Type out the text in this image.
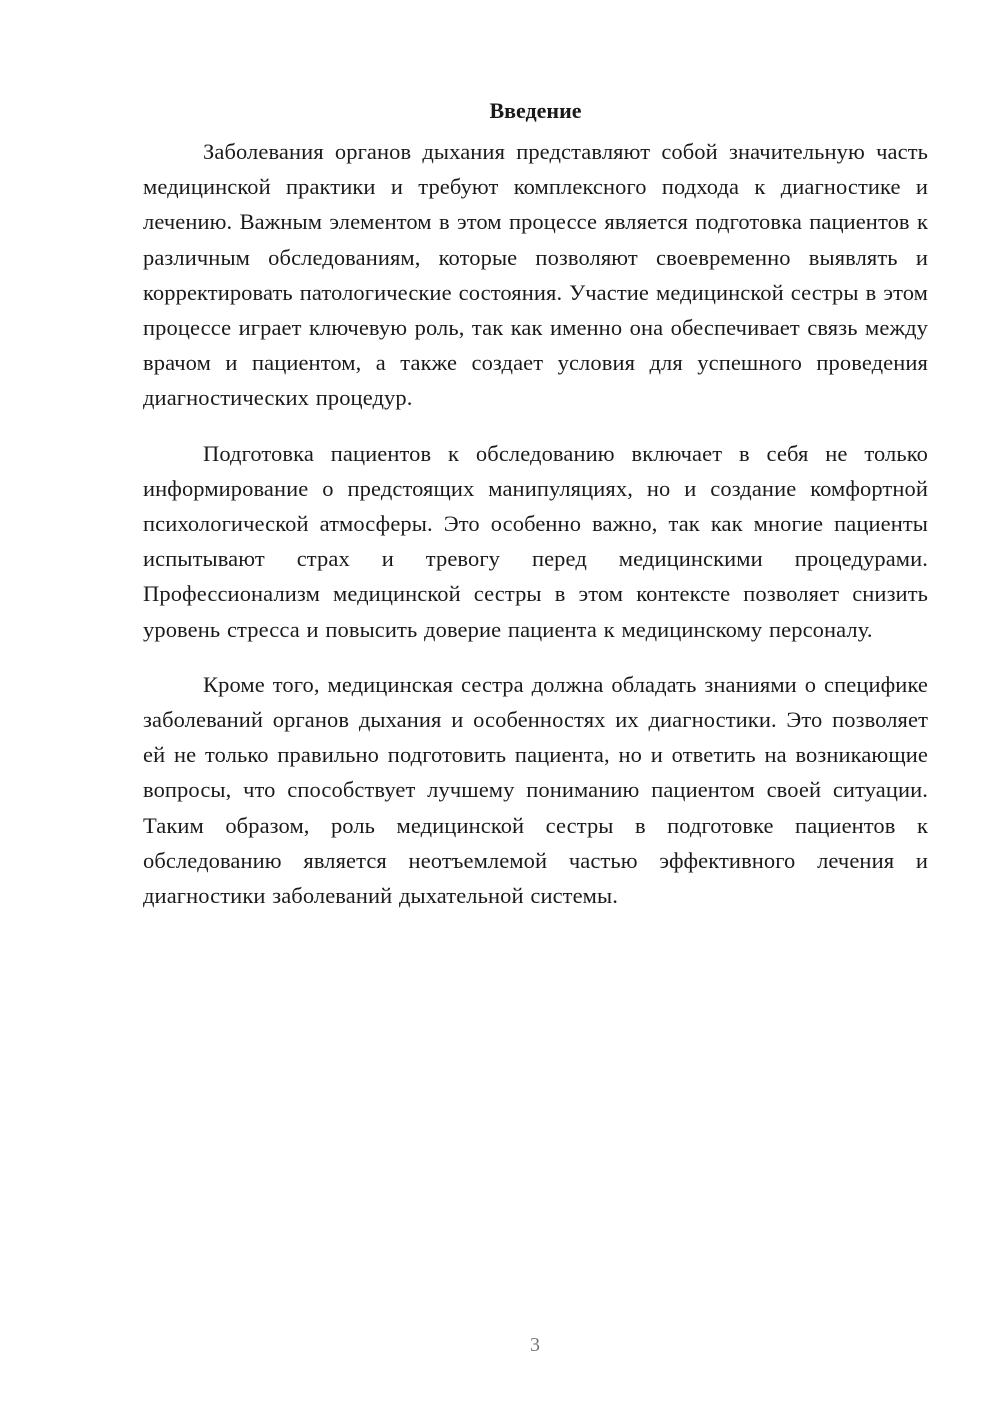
Введение

Заболевания органов дыхания представляют собой значительную часть медицинской практики и требуют комплексного подхода к диагностике и лечению. Важным элементом в этом процессе является подготовка пациентов к различным обследованиям, которые позволяют своевременно выявлять и корректировать патологические состояния. Участие медицинской сестры в этом процессе играет ключевую роль, так как именно она обеспечивает связь между врачом и пациентом, а также создает условия для успешного проведения диагностических процедур.

Подготовка пациентов к обследованию включает в себя не только информирование о предстоящих манипуляциях, но и создание комфортной психологической атмосферы. Это особенно важно, так как многие пациенты испытывают страх и тревогу перед медицинскими процедурами. Профессионализм медицинской сестры в этом контексте позволяет снизить уровень стресса и повысить доверие пациента к медицинскому персоналу.

Кроме того, медицинская сестра должна обладать знаниями о специфике заболеваний органов дыхания и особенностях их диагностики. Это позволяет ей не только правильно подготовить пациента, но и ответить на возникающие вопросы, что способствует лучшему пониманию пациентом своей ситуации. Таким образом, роль медицинской сестры в подготовке пациентов к обследованию является неотъемлемой частью эффективного лечения и диагностики заболеваний дыхательной системы.

3
